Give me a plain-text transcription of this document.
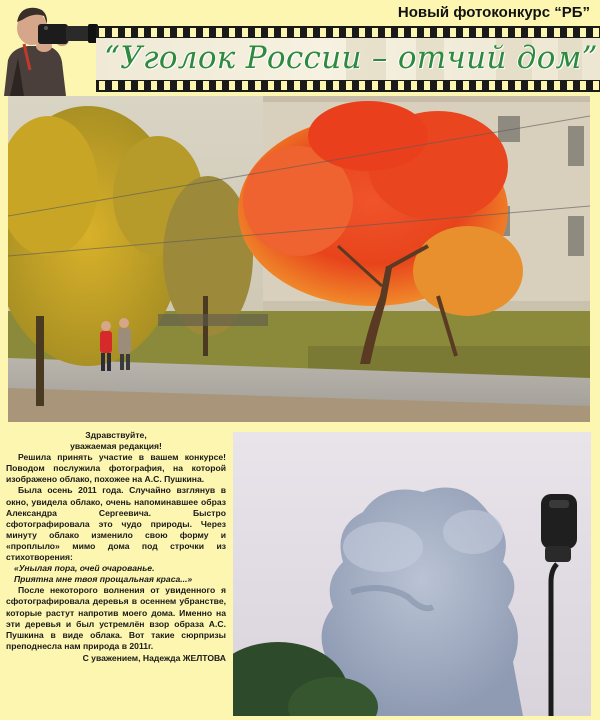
Новый фотоконкурс “РБ”
“Уголок России – отчий дом”
Здравствуйте,
уважаемая редакция!

Решила принять участие в вашем конкурсе! Поводом послужила фотография, на которой изображено облако, похожее на А.С. Пушкина.

Была осень 2011 года. Случайно взглянув в окно, увидела облако, очень напоминавшее образ Александра Сергеевича. Быстро сфотографировала это чудо природы. Через минуту облако изменило свою форму и «проплыло» мимо дома под строчки из стихотворения:

«Унылая пора, очей очарованье.

Приятна мне твоя прощальная краса...»

После некоторого волнения от увиденного я сфотографировала деревья в осеннем убранстве, которые растут напротив моего дома. Именно на эти деревья и был устремлён взор образа А.С. Пушкина в виде облака. Вот такие сюрпризы преподнесла нам природа в 2011г.

С уважением, Надежда ЖЕЛТОВА
